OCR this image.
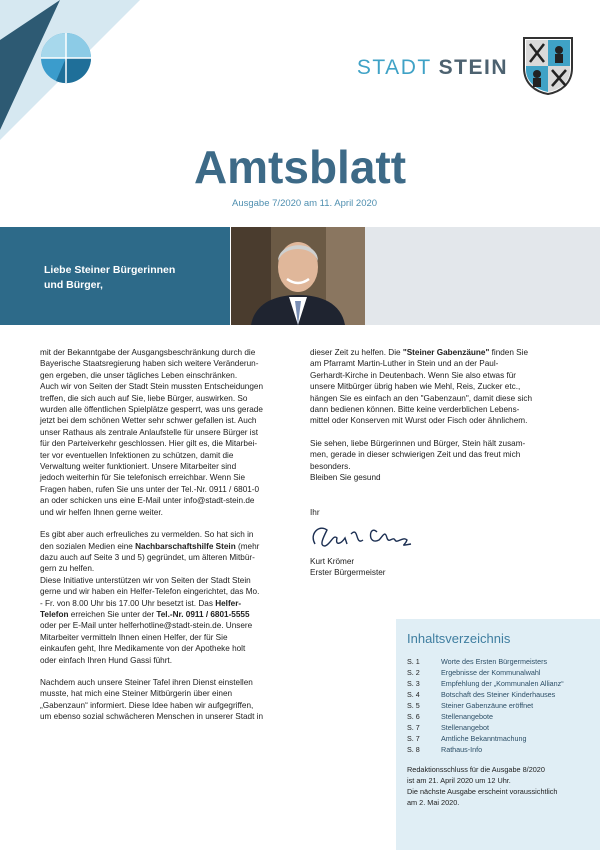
STADT STEIN
Amtsblatt
Ausgabe 7/2020 am 11. April 2020
Liebe Steiner Bürgerinnen
und Bürger,

mit der Bekanntgabe der Ausgangsbeschränkung durch die
Bayerische Staatsregierung haben sich weitere Veränderun-
gen ergeben, die unser tägliches Leben einschränken.
Auch wir von Seiten der Stadt Stein mussten Entscheidungen
treffen, die sich auch auf Sie, liebe Bürger, auswirken. So
wurden alle öffentlichen Spielplätze gesperrt, was uns gerade
jetzt bei dem schönen Wetter sehr schwer gefallen ist. Auch
unser Rathaus als zentrale Anlaufstelle für unsere Bürger ist
für den Parteiverkehr geschlossen. Hier gilt es, die Mitarbei-
ter vor eventuellen Infektionen zu schützen, damit die
Verwaltung weiter funktioniert. Unsere Mitarbeiter sind
jedoch weiterhin für Sie telefonisch erreichbar. Wenn Sie
Fragen haben, rufen Sie uns unter der Tel.-Nr. 0911 / 6801-0
an oder schicken uns eine E-Mail unter info@stadt-stein.de
und wir helfen Ihnen gerne weiter.

Es gibt aber auch erfreuliches zu vermelden. So hat sich in
den sozialen Medien eine Nachbarschaftshilfe Stein (mehr
dazu auch auf Seite 3 und 5) gegründet, um älteren Mitbür-
gern zu helfen.
Diese Initiative unterstützen wir von Seiten der Stadt Stein
gerne und wir haben ein Helfer-Telefon eingerichtet, das Mo.
- Fr. von 8.00 Uhr bis 17.00 Uhr besetzt ist. Das Helfer-
Telefon erreichen Sie unter der Tel.-Nr. 0911 / 6801-5555
oder per E-Mail unter helferhotline@stadt-stein.de. Unsere
Mitarbeiter vermitteln Ihnen einen Helfer, der für Sie
einkaufen geht, Ihre Medikamente von der Apotheke holt
oder einfach Ihren Hund Gassi führt.

Nachdem auch unsere Steiner Tafel ihren Dienst einstellen
musste, hat mich eine Steiner Mitbürgerin über einen
„Gabenzaun“ informiert. Diese Idee haben wir aufgegriffen,
um ebenso sozial schwächeren Menschen in unserer Stadt in

dieser Zeit zu helfen. Die "Steiner Gabenzäune" finden Sie
am Pfarramt Martin-Luther in Stein und an der Paul-
Gerhardt-Kirche in Deutenbach. Wenn Sie also etwas für
unsere Mitbürger übrig haben wie Mehl, Reis, Zucker etc.,
hängen Sie es einfach an den "Gabenzaun", damit diese sich
dann bedienen können. Bitte keine verderblichen Lebens-
mittel oder Konserven mit Wurst oder Fisch oder ähnlichem.

Sie sehen, liebe Bürgerinnen und Bürger, Stein hält zusam-
men, gerade in dieser schwierigen Zeit und das freut mich
besonders.
Bleiben Sie gesund

Ihr
Kurt Krömer
Erster Bürgermeister
Inhaltsverzeichnis
S. 1	Worte des Ersten Bürgermeisters
S. 2	Ergebnisse der Kommunalwahl
S. 3	Empfehlung der „Kommunalen Allianz“
S. 4	Botschaft des Steiner Kinderhauses
S. 5	Steiner Gabenzäune eröffnet
S. 6	Stellenangebote
S. 7	Stellenangebot
S. 7	Amtliche Bekanntmachung
S. 8	Rathaus-Info
Redaktionsschluss für die Ausgabe 8/2020
ist am 21. April 2020 um 12 Uhr.
Die nächste Ausgabe erscheint voraussichtlich
am 2. Mai 2020.
